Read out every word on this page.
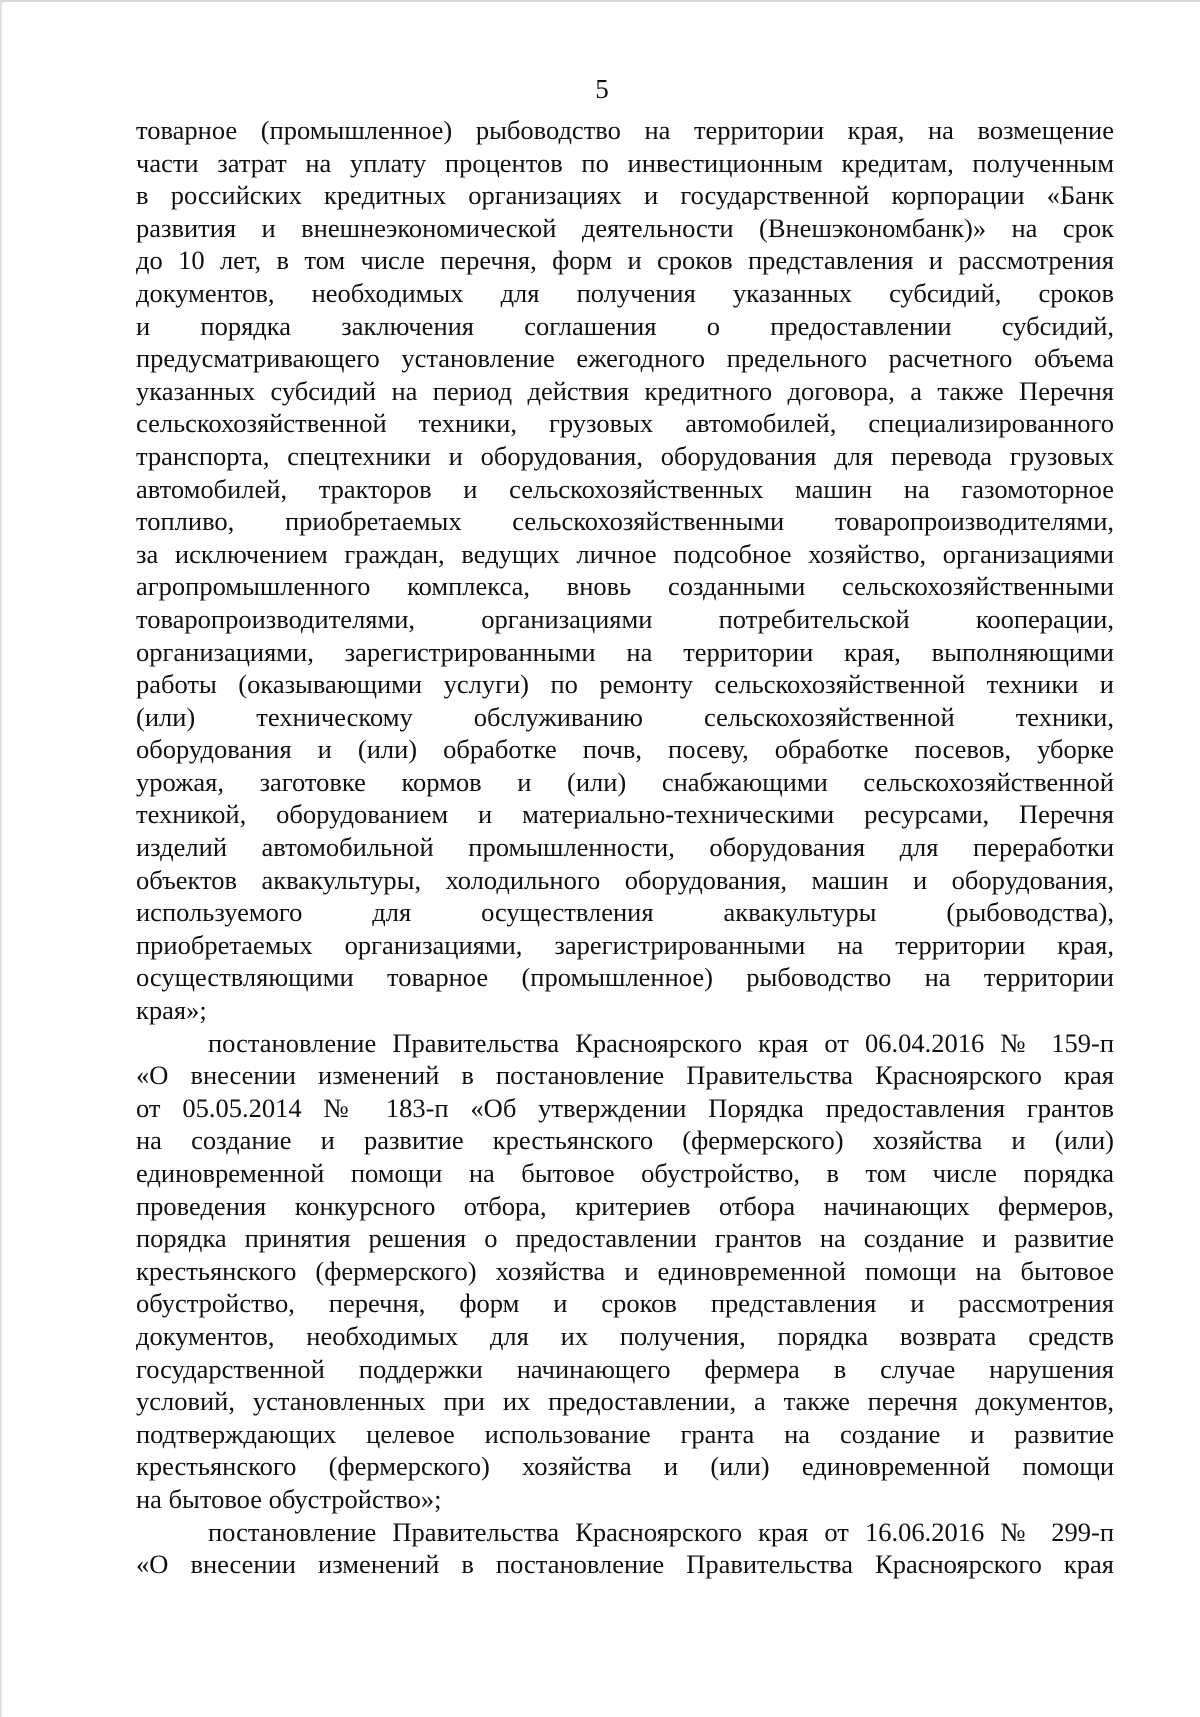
5
товарное (промышленное) рыбоводство на территории края, на возмещение
части затрат на уплату процентов по инвестиционным кредитам, полученным
в российских кредитных организациях и государственной корпорации «Банк
развития и внешнеэкономической деятельности (Внешэкономбанк)» на срок
до 10 лет, в том числе перечня, форм и сроков представления и рассмотрения
документов, необходимых для получения указанных субсидий, сроков
и порядка заключения соглашения о предоставлении субсидий,
предусматривающего установление ежегодного предельного расчетного объема
указанных субсидий на период действия кредитного договора, а также Перечня
сельскохозяйственной техники, грузовых автомобилей, специализированного
транспорта, спецтехники и оборудования, оборудования для перевода грузовых
автомобилей, тракторов и сельскохозяйственных машин на газомоторное
топливо, приобретаемых сельскохозяйственными товаропроизводителями,
за исключением граждан, ведущих личное подсобное хозяйство, организациями
агропромышленного комплекса, вновь созданными сельскохозяйственными
товаропроизводителями, организациями потребительской кооперации,
организациями, зарегистрированными на территории края, выполняющими
работы (оказывающими услуги) по ремонту сельскохозяйственной техники и
(или) техническому обслуживанию сельскохозяйственной техники,
оборудования и (или) обработке почв, посеву, обработке посевов, уборке
урожая, заготовке кормов и (или) снабжающими сельскохозяйственной
техникой, оборудованием и материально-техническими ресурсами, Перечня
изделий автомобильной промышленности, оборудования для переработки
объектов аквакультуры, холодильного оборудования, машин и оборудования,
используемого для осуществления аквакультуры (рыбоводства),
приобретаемых организациями, зарегистрированными на территории края,
осуществляющими товарное (промышленное) рыбоводство на территории
края»;
постановление Правительства Красноярского края от 06.04.2016 № 159-п
«О внесении изменений в постановление Правительства Красноярского края
от 05.05.2014 № 183-п «Об утверждении Порядка предоставления грантов
на создание и развитие крестьянского (фермерского) хозяйства и (или)
единовременной помощи на бытовое обустройство, в том числе порядка
проведения конкурсного отбора, критериев отбора начинающих фермеров,
порядка принятия решения о предоставлении грантов на создание и развитие
крестьянского (фермерского) хозяйства и единовременной помощи на бытовое
обустройство, перечня, форм и сроков представления и рассмотрения
документов, необходимых для их получения, порядка возврата средств
государственной поддержки начинающего фермера в случае нарушения
условий, установленных при их предоставлении, а также перечня документов,
подтверждающих целевое использование гранта на создание и развитие
крестьянского (фермерского) хозяйства и (или) единовременной помощи
на бытовое обустройство»;
постановление Правительства Красноярского края от 16.06.2016 № 299-п
«О внесении изменений в постановление Правительства Красноярского края
